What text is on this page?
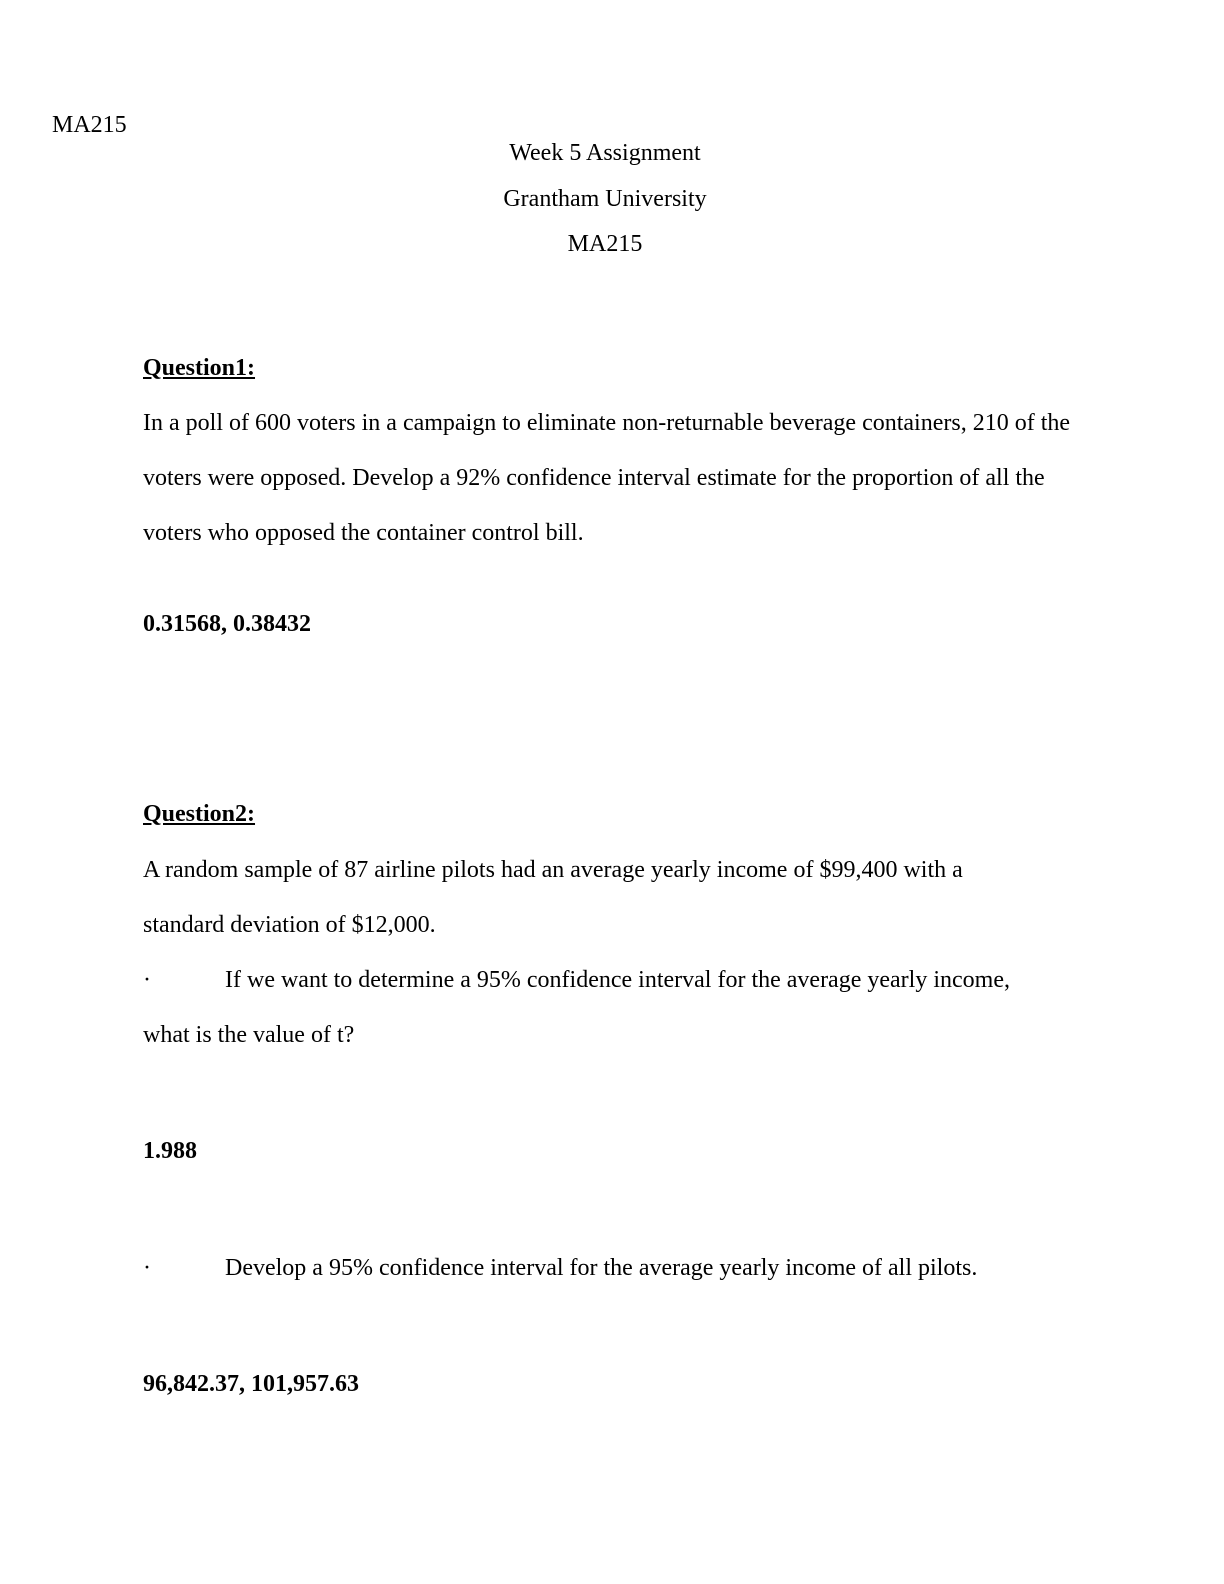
MA215
Week 5 Assignment
Grantham University
MA215
Question1:
In a poll of 600 voters in a campaign to eliminate non-returnable beverage containers, 210 of the
voters were opposed. Develop a 92% confidence interval estimate for the proportion of all the
voters who opposed the container control bill.
0.31568, 0.38432
Question2:
A random sample of 87 airline pilots had an average yearly income of $99,400 with a
standard deviation of $12,000.
·	If we want to determine a 95% confidence interval for the average yearly income,
what is the value of t?
1.988
·	Develop a 95% confidence interval for the average yearly income of all pilots.
96,842.37, 101,957.63
